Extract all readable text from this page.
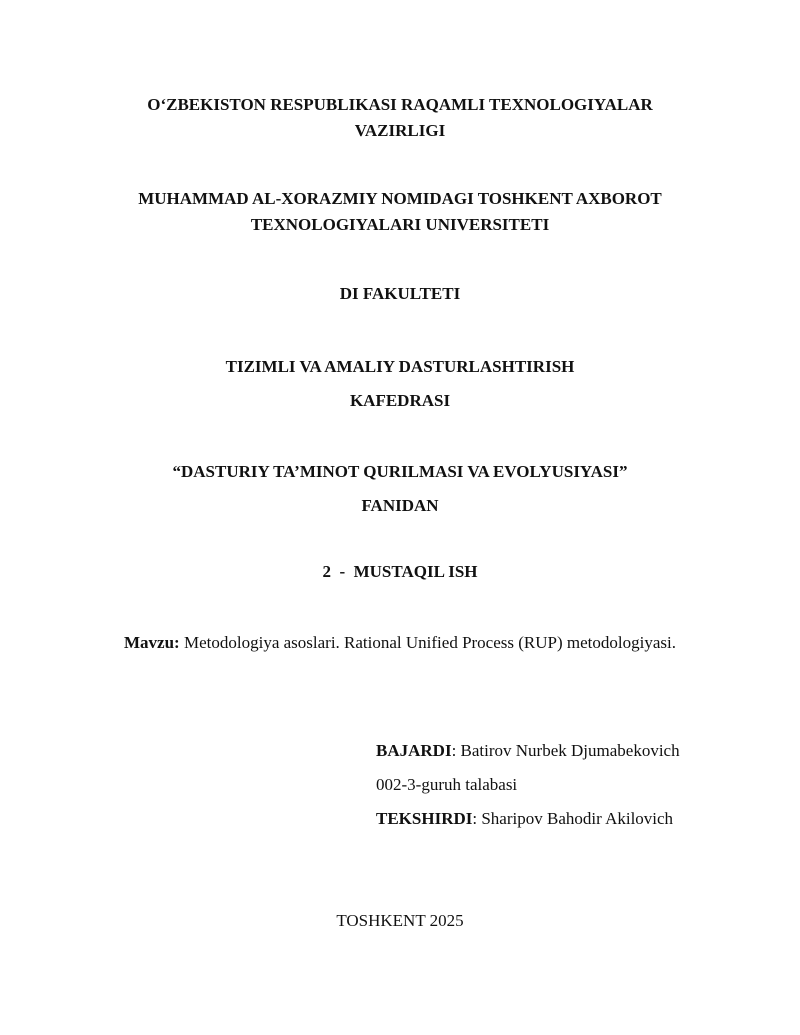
O‘ZBEKISTON RESPUBLIKASI RAQAMLI TEXNOLOGIYALAR
VAZIRLIGI
MUHAMMAD AL-XORAZMIY NOMIDAGI TOSHKENT AXBOROT
TEXNOLOGIYALARI UNIVERSITETI
DI FAKULTETI
TIZIMLI VA AMALIY DASTURLASHTIRISH
KAFEDRASI
“DASTURIY TA’MINOT QURILMASI VA EVOLYUSIYASI”
FANIDAN
2  -  MUSTAQIL ISH
Mavzu: Metodologiya asoslari. Rational Unified Process (RUP) metodologiyasi.
BAJARDI: Batirov Nurbek Djumabekovich
002-3-guruh talabasi
TEKSHIRDI: Sharipov Bahodir Akilovich
TOSHKENT 2025
